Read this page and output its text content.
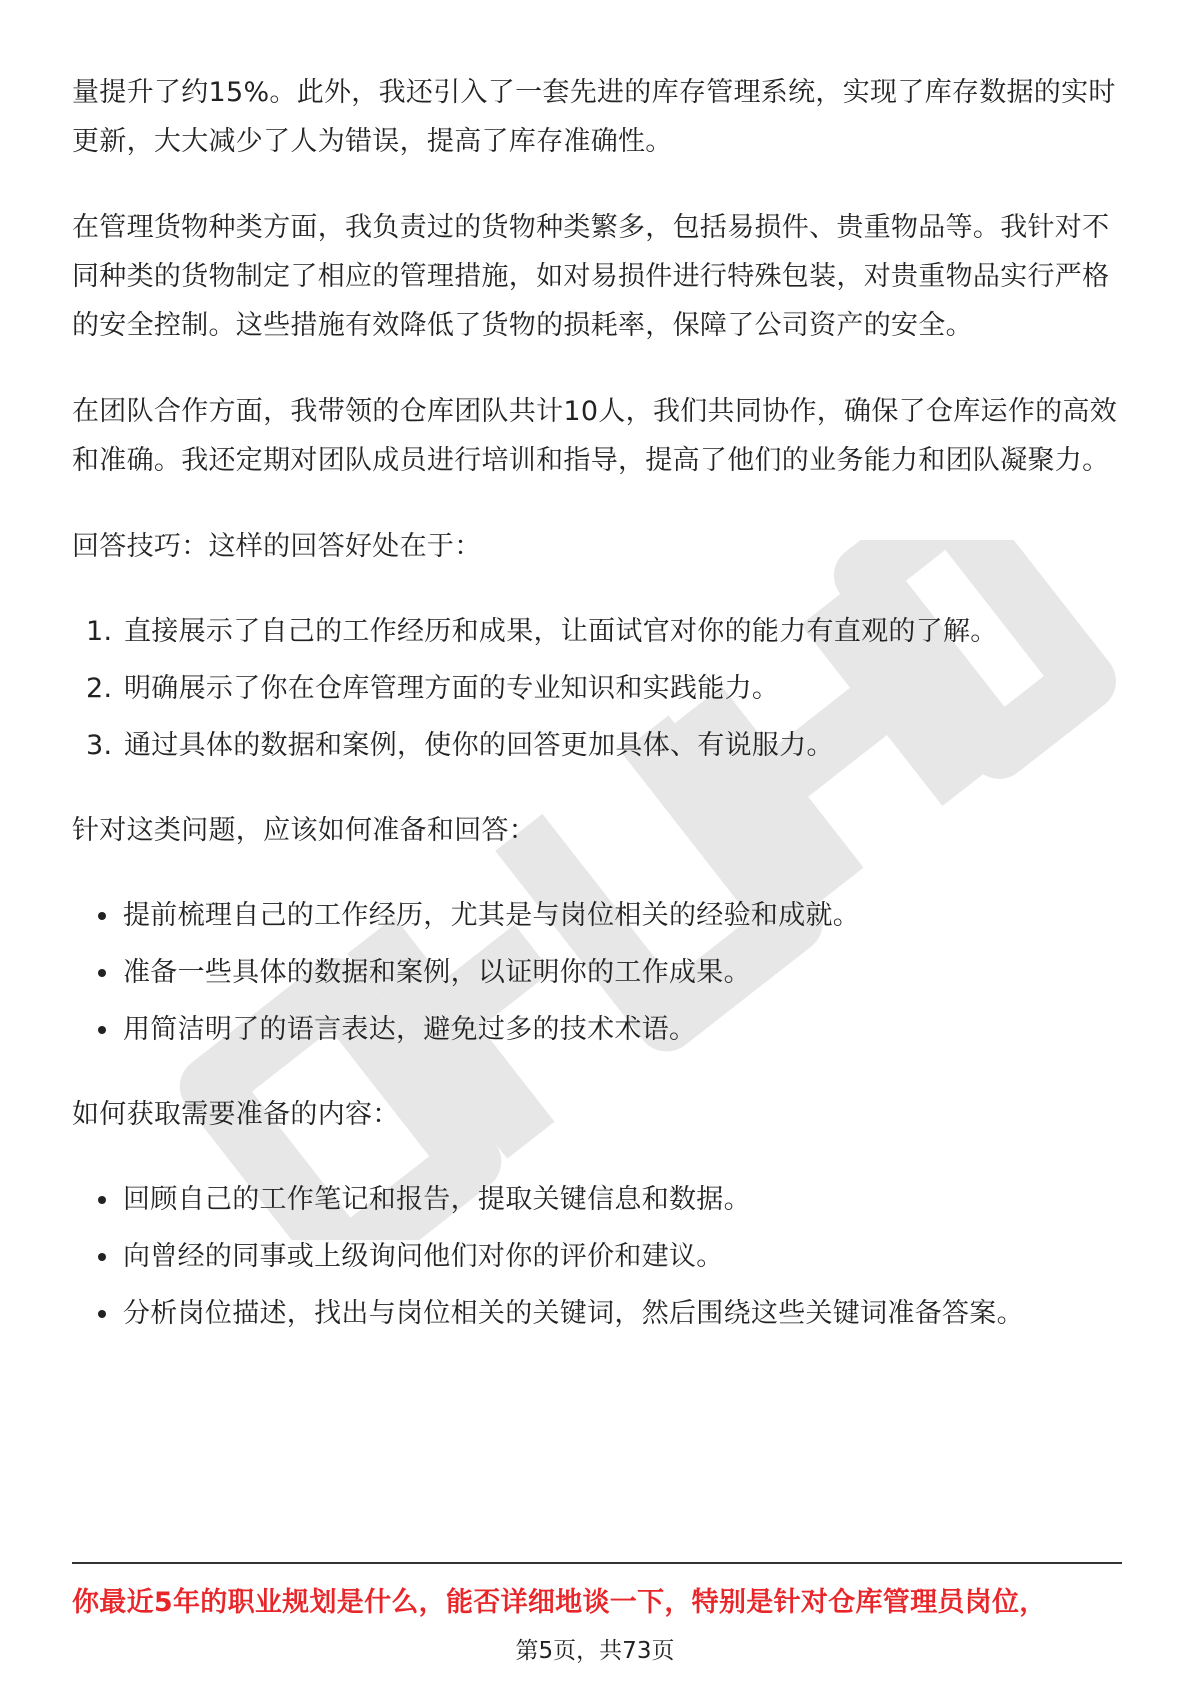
量提升了约15%。此外，我还引入了一套先进的库存管理系统，实现了库存数据的实时更新，大大减少了人为错误，提高了库存准确性。

在管理货物种类方面，我负责过的货物种类繁多，包括易损件、贵重物品等。我针对不同种类的货物制定了相应的管理措施，如对易损件进行特殊包装，对贵重物品实行严格的安全控制。这些措施有效降低了货物的损耗率，保障了公司资产的安全。

在团队合作方面，我带领的仓库团队共计10人，我们共同协作，确保了仓库运作的高效和准确。我还定期对团队成员进行培训和指导，提高了他们的业务能力和团队凝聚力。

回答技巧：这样的回答好处在于：

1. 直接展示了自己的工作经历和成果，让面试官对你的能力有直观的了解。
2. 明确展示了你在仓库管理方面的专业知识和实践能力。
3. 通过具体的数据和案例，使你的回答更加具体、有说服力。

针对这类问题，应该如何准备和回答：

提前梳理自己的工作经历，尤其是与岗位相关的经验和成就。
准备一些具体的数据和案例，以证明你的工作成果。
用简洁明了的语言表达，避免过多的技术术语。

如何获取需要准备的内容：

回顾自己的工作笔记和报告，提取关键信息和数据。
向曾经的同事或上级询问他们对你的评价和建议。
分析岗位描述，找出与岗位相关的关键词，然后围绕这些关键词准备答案。
你最近5年的职业规划是什么，能否详细地谈一下，特别是针对仓库管理员岗位，
第5页，共73页
